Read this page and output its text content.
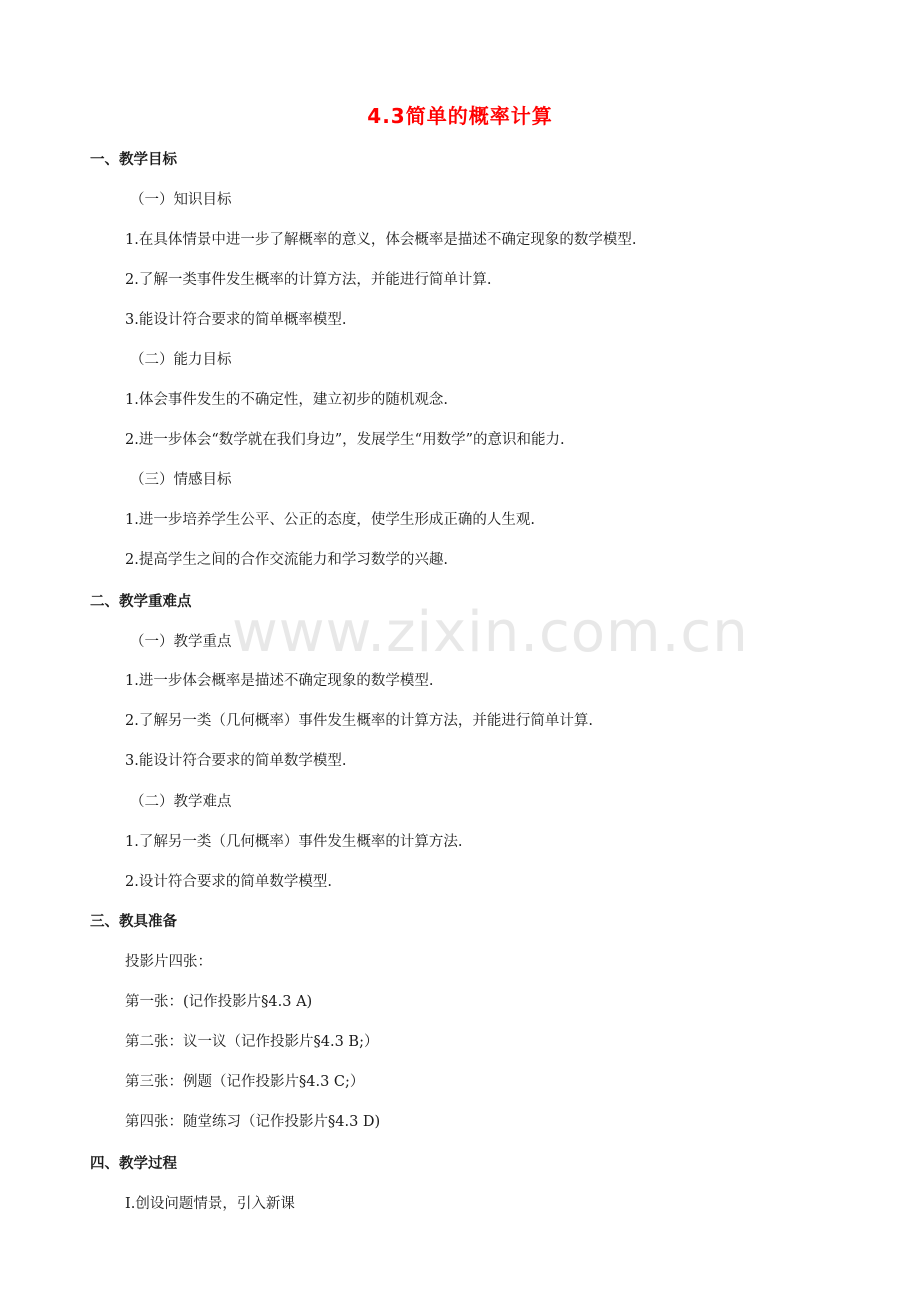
4.3简单的概率计算
一、教学目标
（一）知识目标
1.在具体情景中进一步了解概率的意义，体会概率是描述不确定现象的数学模型.
2.了解一类事件发生概率的计算方法，并能进行简单计算.
3.能设计符合要求的简单概率模型.
（二）能力目标
1.体会事件发生的不确定性，建立初步的随机观念.
2.进一步体会“数学就在我们身边”，发展学生“用数学”的意识和能力.
（三）情感目标
1.进一步培养学生公平、公正的态度，使学生形成正确的人生观.
2.提高学生之间的合作交流能力和学习数学的兴趣.
二、教学重难点
（一）教学重点
1.进一步体会概率是描述不确定现象的数学模型.
2.了解另一类（几何概率）事件发生概率的计算方法，并能进行简单计算.
3.能设计符合要求的简单数学模型.
（二）教学难点
1.了解另一类（几何概率）事件发生概率的计算方法.
2.设计符合要求的简单数学模型.
三、教具准备
投影片四张：
第一张：(记作投影片§4.3 A)
第二张：议一议（记作投影片§4.3 B;）
第三张：例题（记作投影片§4.3 C;）
第四张：随堂练习（记作投影片§4.3 D)
四、教学过程
Ⅰ.创设问题情景，引入新课
www.zixin.com.cn
